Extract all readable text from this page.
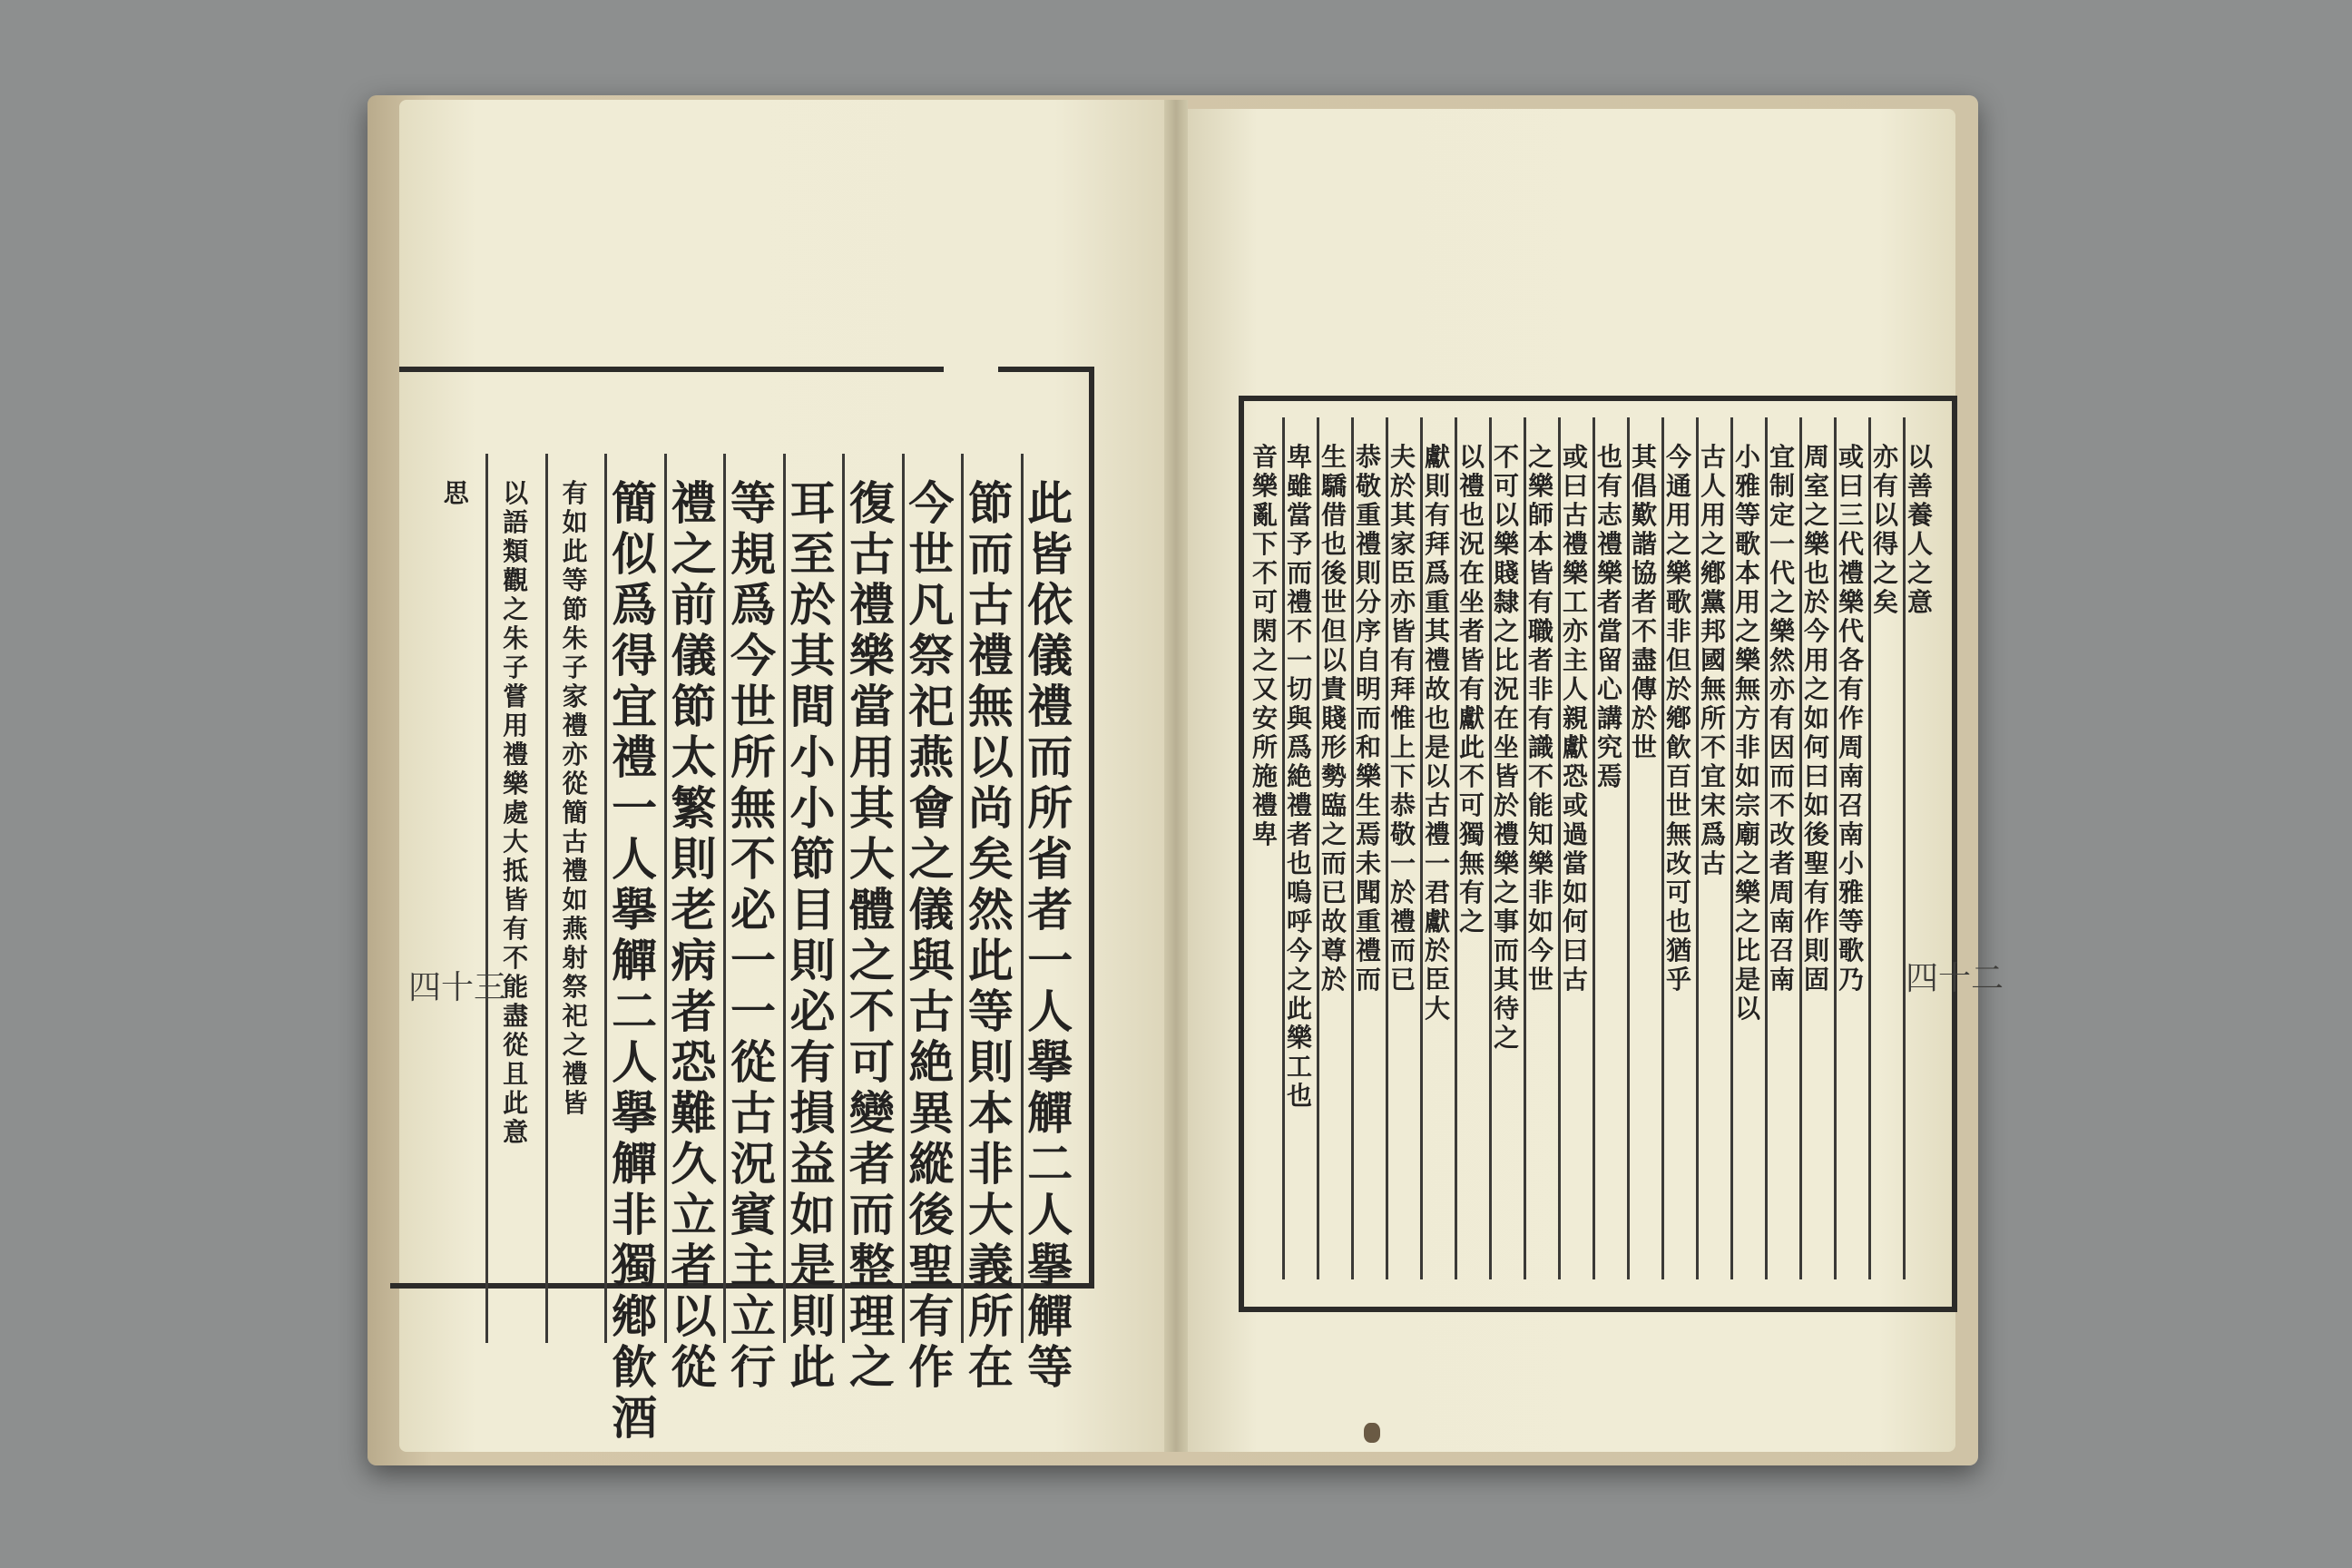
此
皆
依
儀
禮
而
所
省
者
一
人
擧
觶
二
人
擧
觶
等
節
而
古
禮
無
以
尚
矣
然
此
等
則
本
非
大
義
所
在
今
世
凡
祭
祀
燕
會
之
儀
與
古
絶
異
縱
後
聖
有
作
復
古
禮
樂
當
用
其
大
體
之
不
可
變
者
而
整
理
之
耳
至
於
其
間
小
小
節
目
則
必
有
損
益
如
是
則
此
等
規
爲
今
世
所
無
不
必
一
一
從
古
況
賓
主
立
行
禮
之
前
儀
節
太
繁
則
老
病
者
恐
難
久
立
者
以
從
簡
似
爲
得
宜
禮
一
人
擧
觶
二
人
擧
觶
非
獨
鄕
飮
酒
有
如
此
等
節
朱
子
家
禮
亦
從
簡
古
禮
如
燕
射
祭
祀
之
禮
皆
以
語
類
觀
之
朱
子
嘗
用
禮
樂
處
大
抵
皆
有
不
能
盡
從
且
此
意
思
四十三
以
善
養
人
之
意
亦
有
以
得
之
矣
或
曰
三
代
禮
樂
代
各
有
作
周
南
召
南
小
雅
等
歌
乃
周
室
之
樂
也
於
今
用
之
如
何
曰
如
後
聖
有
作
則
固
宜
制
定
一
代
之
樂
然
亦
有
因
而
不
改
者
周
南
召
南
小
雅
等
歌
本
用
之
樂
無
方
非
如
宗
廟
之
樂
之
比
是
以
古
人
用
之
鄕
黨
邦
國
無
所
不
宜
宋
爲
古
今
通
用
之
樂
歌
非
但
於
鄕
飮
百
世
無
改
可
也
猶
乎
其
倡
歎
諧
協
者
不
盡
傳
於
世
也
有
志
禮
樂
者
當
留
心
講
究
焉
或
曰
古
禮
樂
工
亦
主
人
親
獻
恐
或
過
當
如
何
曰
古
之
樂
師
本
皆
有
職
者
非
有
識
不
能
知
樂
非
如
今
世
不
可
以
樂
賤
隸
之
比
況
在
坐
皆
於
禮
樂
之
事
而
其
待
之
以
禮
也
況
在
坐
者
皆
有
獻
此
不
可
獨
無
有
之
獻
則
有
拜
爲
重
其
禮
故
也
是
以
古
禮
一
君
獻
於
臣
大
夫
於
其
家
臣
亦
皆
有
拜
惟
上
下
恭
敬
一
於
禮
而
已
恭
敬
重
禮
則
分
序
自
明
而
和
樂
生
焉
未
聞
重
禮
而
生
驕
借
也
後
世
但
以
貴
賤
形
勢
臨
之
而
已
故
尊
於
卑
雖
當
予
而
禮
不
一
切
與
爲
絶
禮
者
也
嗚
呼
今
之
此
樂
工
也
音
樂
亂
下
不
可
閑
之
又
安
所
施
禮
卑
四十二
